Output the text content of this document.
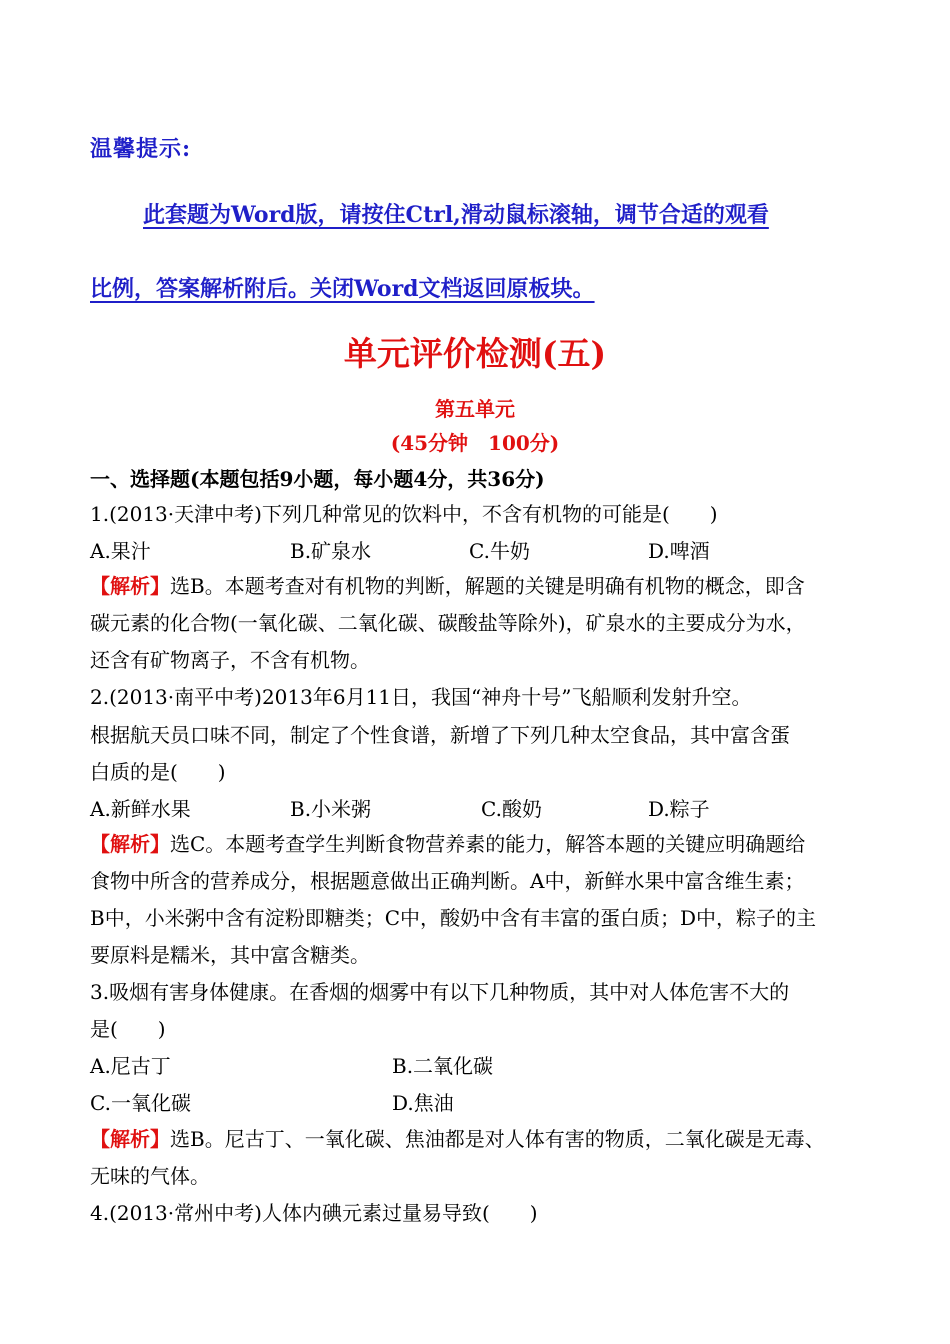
温馨提示:
此套题为Word版，请按住Ctrl,滑动鼠标滚轴，调节合适的观看
比例，答案解析附后。关闭Word文档返回原板块。
单元评价检测(五)
第五单元
(45分钟　100分)
一、选择题(本题包括9小题，每小题4分，共36分)
1.(2013·天津中考)下列几种常见的饮料中，不含有机物的可能是(　　)
A.果汁	B.矿泉水	C.牛奶	D.啤酒
【解析】选B。本题考查对有机物的判断，解题的关键是明确有机物的概念，即含
碳元素的化合物(一氧化碳、二氧化碳、碳酸盐等除外)，矿泉水的主要成分为水，
还含有矿物离子，不含有机物。
2.(2013·南平中考)2013年6月11日，我国“神舟十号”飞船顺利发射升空。
根据航天员口味不同，制定了个性食谱，新增了下列几种太空食品，其中富含蛋
白质的是(　　)
A.新鲜水果	B.小米粥	C.酸奶	D.粽子
【解析】选C。本题考查学生判断食物营养素的能力，解答本题的关键应明确题给
食物中所含的营养成分，根据题意做出正确判断。A中，新鲜水果中富含维生素；
B中，小米粥中含有淀粉即糖类；C中，酸奶中含有丰富的蛋白质；D中，粽子的主
要原料是糯米，其中富含糖类。
3.吸烟有害身体健康。在香烟的烟雾中有以下几种物质，其中对人体危害不大的
是(　　)
A.尼古丁	B.二氧化碳
C.一氧化碳	D.焦油
【解析】选B。尼古丁、一氧化碳、焦油都是对人体有害的物质，二氧化碳是无毒、
无味的气体。
4.(2013·常州中考)人体内碘元素过量易导致(　　)
